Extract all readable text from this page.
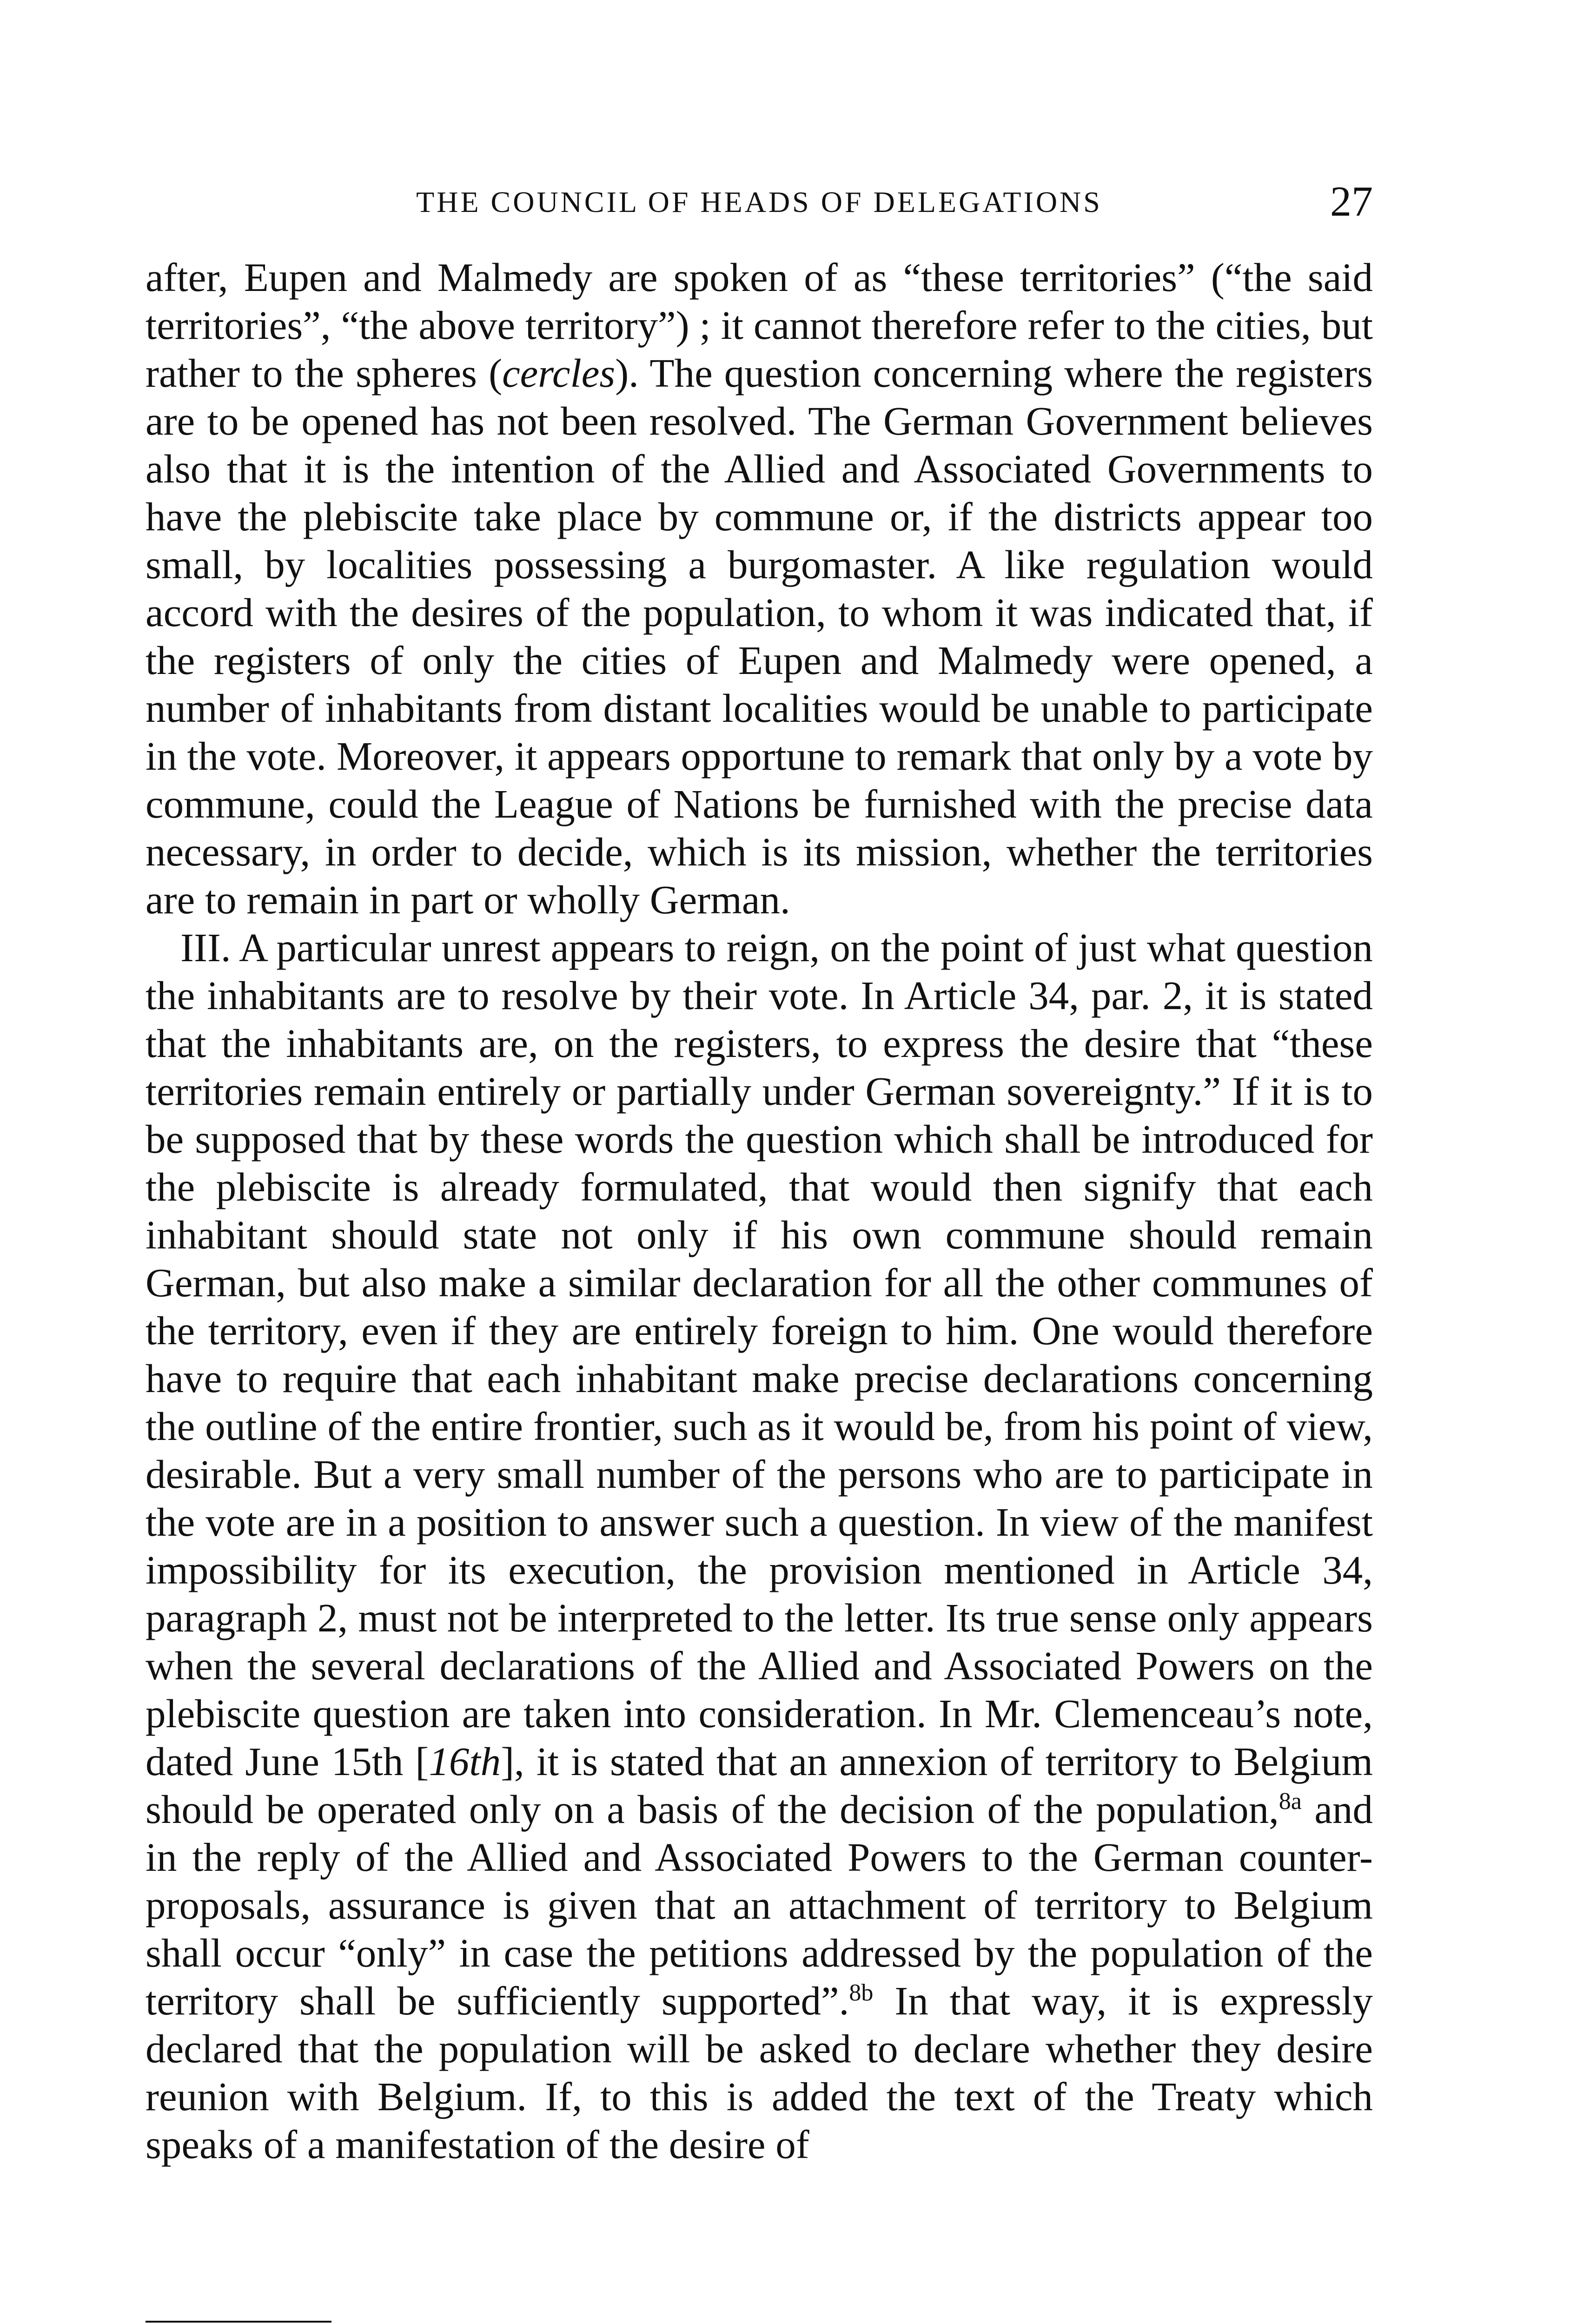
THE COUNCIL OF HEADS OF DELEGATIONS	27

after, Eupen and Malmedy are spoken of as “these territories” (“the said territories”, “the above territory”) ; it cannot therefore refer to the cities, but rather to the spheres (cercles). The question concerning where the registers are to be opened has not been resolved. The German Government believes also that it is the intention of the Allied and Associated Governments to have the plebiscite take place by commune or, if the districts appear too small, by localities possessing a burgomaster. A like regulation would accord with the desires of the population, to whom it was indicated that, if the registers of only the cities of Eupen and Malmedy were opened, a number of inhabitants from distant localities would be unable to participate in the vote. Moreover, it appears opportune to remark that only by a vote by commune, could the League of Nations be furnished with the precise data necessary, in order to decide, which is its mission, whether the territories are to remain in part or wholly German.

III. A particular unrest appears to reign, on the point of just what question the inhabitants are to resolve by their vote. In Article 34, par. 2, it is stated that the inhabitants are, on the registers, to express the desire that “these territories remain entirely or partially under German sovereignty.” If it is to be supposed that by these words the question which shall be introduced for the plebiscite is already formulated, that would then signify that each inhabitant should state not only if his own commune should remain German, but also make a similar declaration for all the other communes of the territory, even if they are entirely foreign to him. One would therefore have to require that each inhabitant make precise declarations concerning the outline of the entire frontier, such as it would be, from his point of view, desirable. But a very small number of the persons who are to participate in the vote are in a position to answer such a question. In view of the manifest impossibility for its execution, the provision mentioned in Article 34, paragraph 2, must not be interpreted to the letter. Its true sense only appears when the several declarations of the Allied and Associated Powers on the plebiscite question are taken into consideration. In Mr. Clemenceau’s note, dated June 15th [16th], it is stated that an annexion of territory to Belgium should be operated only on a basis of the decision of the population,$^{8a}$ and in the reply of the Allied and Associated Powers to the German counter-proposals, assurance is given that an attachment of territory to Belgium shall occur “only” in case the petitions addressed by the population of the territory shall be sufficiently supported”.$^{8b}$ In that way, it is expressly declared that the population will be asked to declare whether they desire reunion with Belgium. If, to this is added the text of the Treaty which speaks of a manifestation of the desire of
